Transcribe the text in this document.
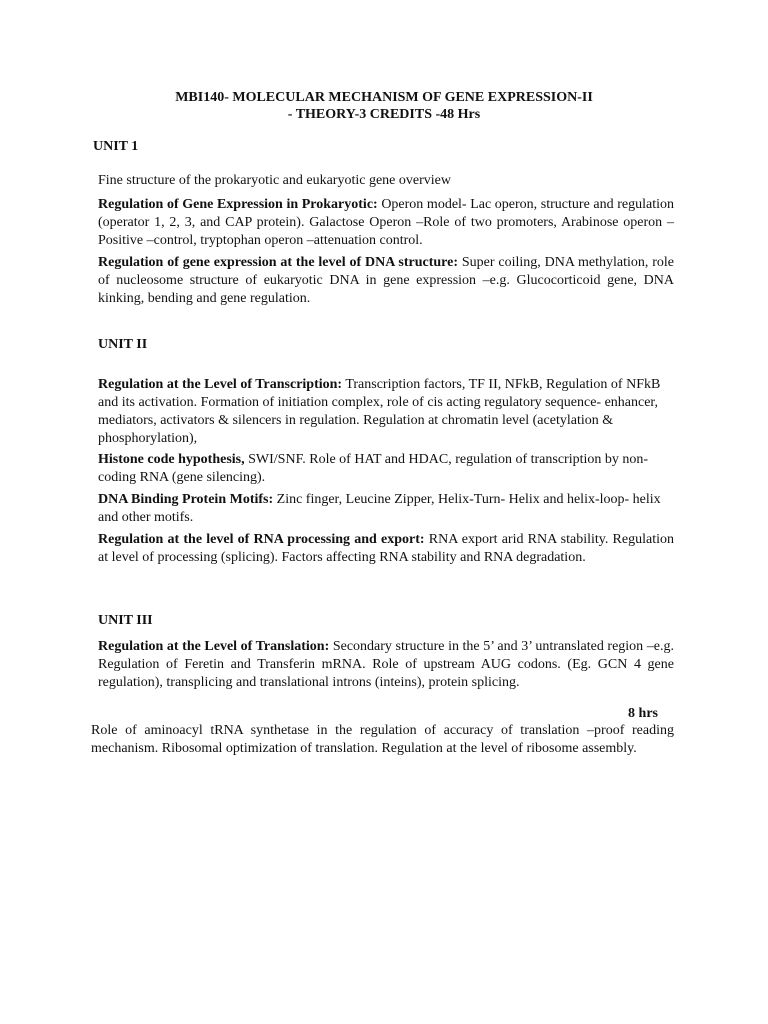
MBI140- MOLECULAR MECHANISM OF GENE EXPRESSION-II
- THEORY-3 CREDITS -48 Hrs
UNIT 1
Fine structure of the prokaryotic and eukaryotic gene overview
Regulation of Gene Expression in Prokaryotic: Operon model- Lac operon, structure and regulation (operator 1, 2, 3, and CAP protein). Galactose Operon –Role of two promoters, Arabinose operon –Positive –control, tryptophan operon –attenuation control.
Regulation of gene expression at the level of DNA structure: Super coiling, DNA methylation, role of nucleosome structure of eukaryotic DNA in gene expression –e.g. Glucocorticoid gene, DNA kinking, bending and gene regulation.
UNIT II
Regulation at the Level of Transcription: Transcription factors, TF II, NFkB, Regulation of NFkB and its activation. Formation of initiation complex, role of cis acting regulatory sequence- enhancer, mediators, activators & silencers in regulation. Regulation at chromatin level (acetylation & phosphorylation),
Histone code hypothesis, SWI/SNF. Role of HAT and HDAC, regulation of transcription by non-coding RNA (gene silencing).
DNA Binding Protein Motifs: Zinc finger, Leucine Zipper, Helix-Turn- Helix and helix-loop- helix and other motifs.
Regulation at the level of RNA processing and export: RNA export arid RNA stability. Regulation at level of processing (splicing). Factors affecting RNA stability and RNA degradation.
UNIT III
Regulation at the Level of Translation: Secondary structure in the 5’ and 3’ untranslated region –e.g. Regulation of Feretin and Transferin mRNA. Role of upstream AUG codons. (Eg. GCN 4 gene regulation), transplicing and translational introns (inteins), protein splicing.
8 hrs
Role of aminoacyl tRNA synthetase in the regulation of accuracy of translation –proof reading mechanism. Ribosomal optimization of translation. Regulation at the level of ribosome assembly.
